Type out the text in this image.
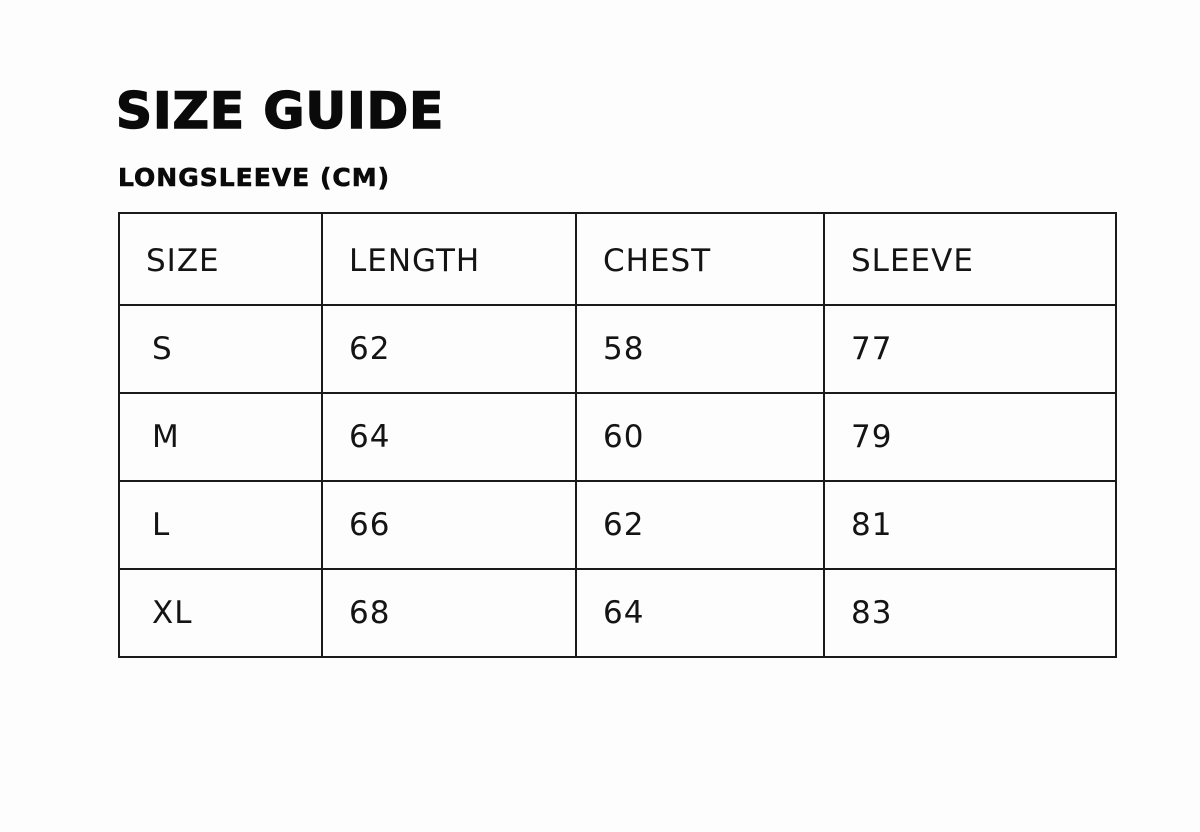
SIZE GUIDE
LONGSLEEVE (CM)
SIZE	LENGTH	CHEST	SLEEVE
S	62	58	77
M	64	60	79
L	66	62	81
XL	68	64	83
